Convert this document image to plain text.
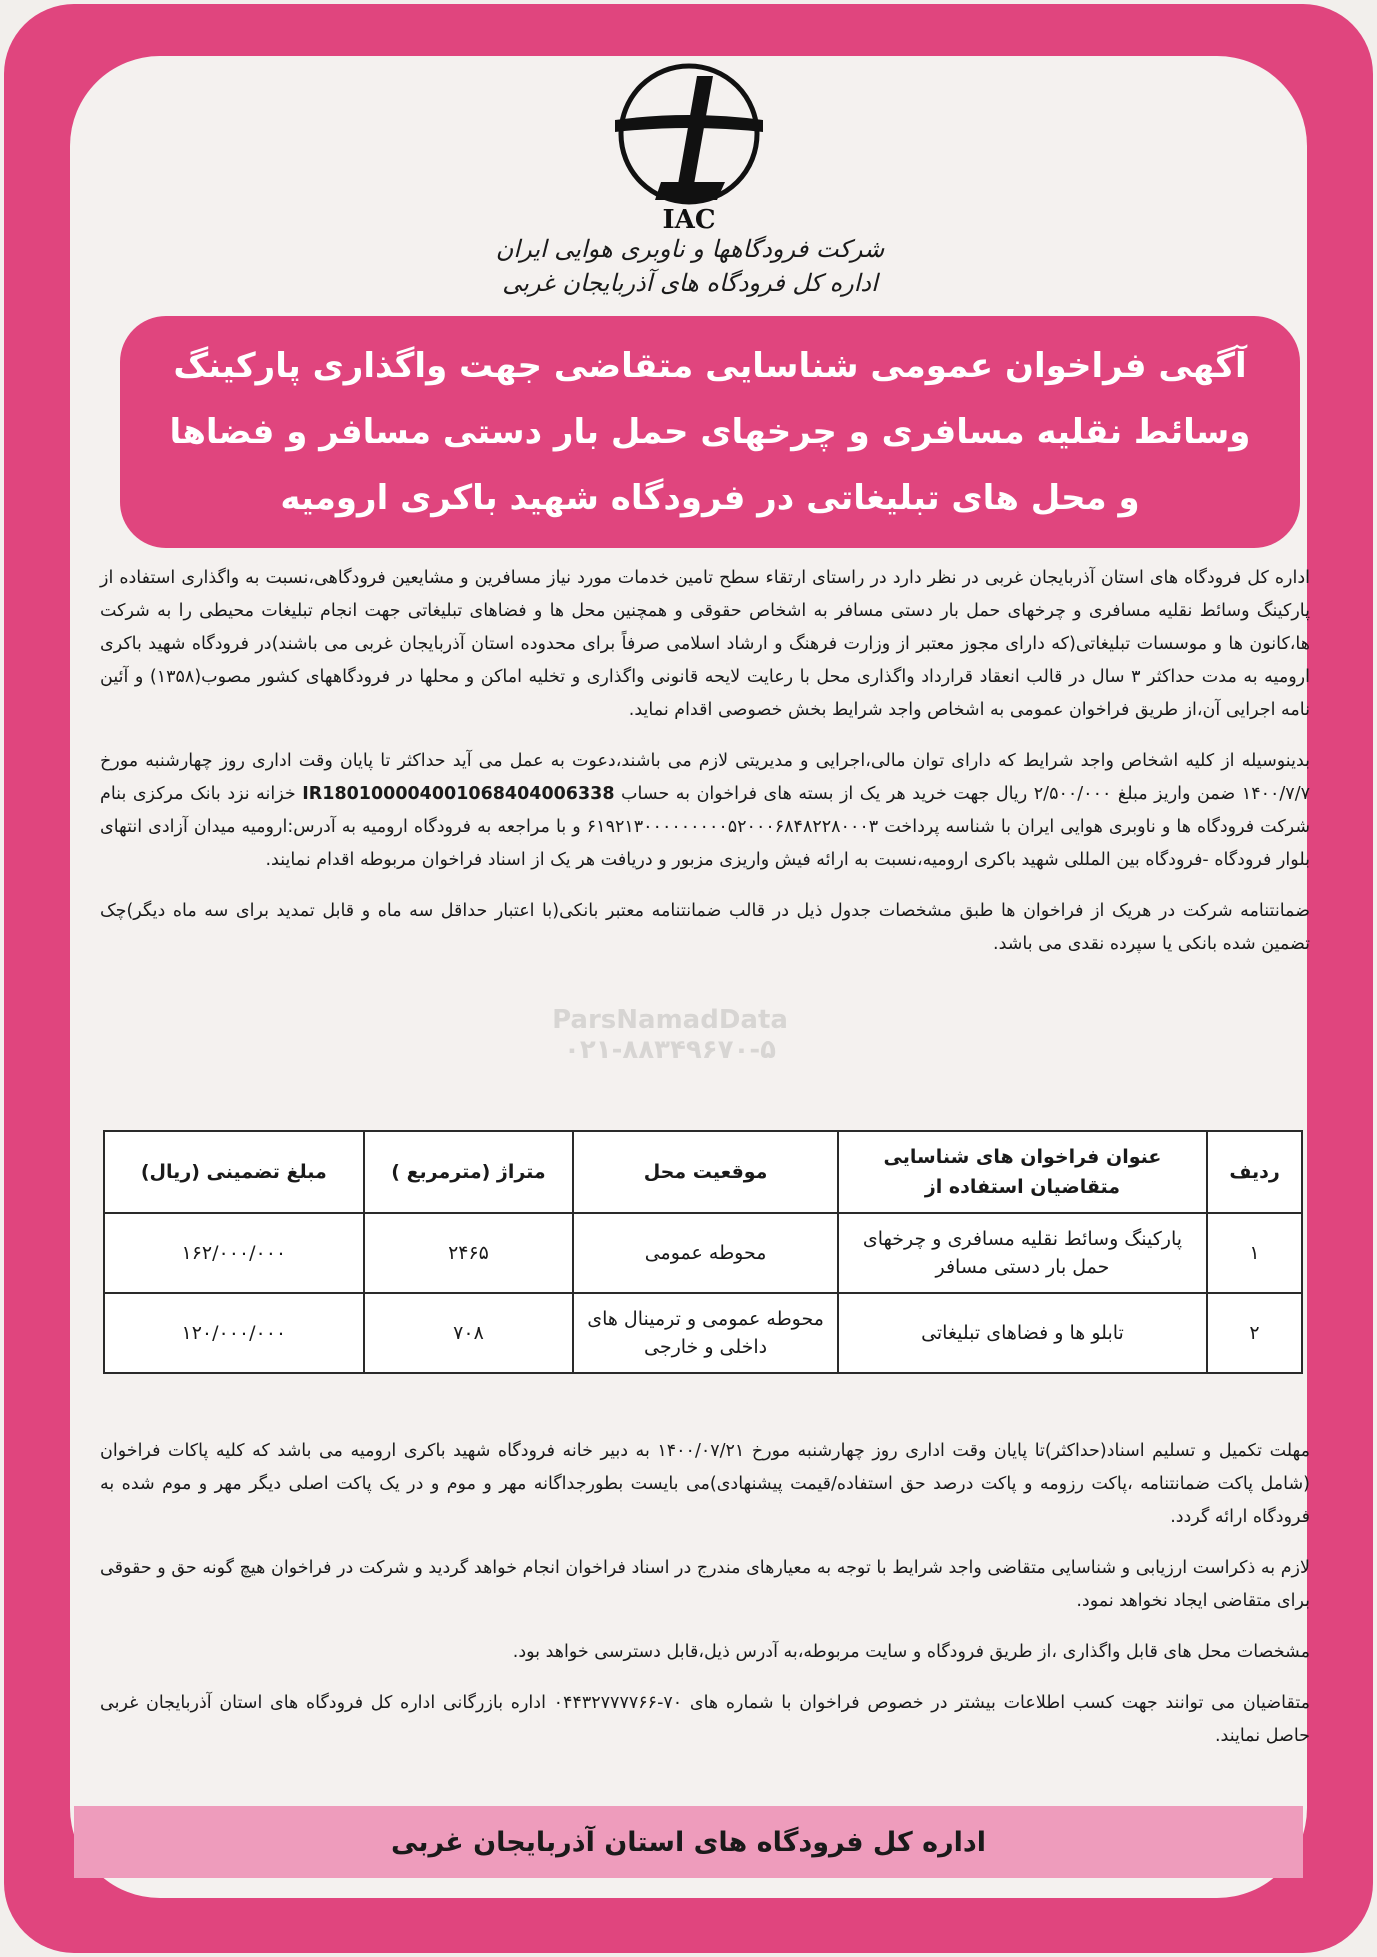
IAC
شرکت فرودگاهها و ناوبری هوایی ایران
اداره کل فرودگاه های آذربایجان غربی
آگهی فراخوان عمومی شناسایی متقاضی جهت واگذاری پارکینگ وسائط نقلیه مسافری و چرخهای حمل بار دستی مسافر و فضاها و محل های تبلیغاتی در فرودگاه شهید باکری ارومیه

اداره کل فرودگاه های استان آذربایجان غربی در نظر دارد در راستای ارتقاء سطح تامین خدمات مورد نیاز مسافرین و مشایعین فرودگاهی،نسبت به واگذاری استفاده از پارکینگ وسائط نقلیه مسافری و چرخهای حمل بار دستی مسافر به اشخاص حقوقی و همچنین محل ها و فضاهای تبلیغاتی جهت انجام تبلیغات محیطی را به شرکت ها،کانون ها و موسسات تبلیغاتی(که دارای مجوز معتبر از وزارت فرهنگ و ارشاد اسلامی صرفاً برای محدوده استان آذربایجان غربی می باشند)در فرودگاه شهید باکری ارومیه به مدت حداکثر ۳ سال در قالب انعقاد قرارداد واگذاری محل با رعایت لایحه قانونی واگذاری و تخلیه اماکن و محلها در فرودگاههای کشور مصوب(۱۳۵۸) و آئین نامه اجرایی آن،از طریق فراخوان عمومی به اشخاص واجد شرایط بخش خصوصی اقدام نماید.

بدینوسیله از کلیه اشخاص واجد شرایط که دارای توان مالی،اجرایی و مدیریتی لازم می باشند،دعوت به عمل می آید حداکثر تا پایان وقت اداری روز چهارشنبه مورخ ۱۴۰۰/۷/۷ ضمن واریز مبلغ ۲/۵۰۰/۰۰۰ ریال جهت خرید هر یک از بسته های فراخوان به حساب IR180100004001068404006338 خزانه نزد بانک مرکزی بنام شرکت فرودگاه ها و ناوبری هوایی ایران با شناسه پرداخت ۶۱۹۲۱۳۰۰۰۰۰۰۰۰۰۵۲۰۰۰۶۸۴۸۲۲۸۰۰۰۳ و با مراجعه به فرودگاه ارومیه به آدرس:ارومیه میدان آزادی انتهای بلوار فرودگاه -فرودگاه بین المللی شهید باکری ارومیه،نسبت به ارائه فیش واریزی مزبور و دریافت هر یک از اسناد فراخوان مربوطه اقدام نمایند.

ضمانتنامه شرکت در هریک از فراخوان ها طبق مشخصات جدول ذیل در قالب ضمانتنامه معتبر بانکی(با اعتبار حداقل سه ماه و قابل تمدید برای سه ماه دیگر)چک تضمین شده بانکی یا سپرده نقدی می باشد.

ردیف	عنوان فراخوان های شناسایی متقاضیان استفاده از	موقعیت محل	متراژ (مترمربع )	مبلغ تضمینی (ریال)
۱	پارکینگ وسائط نقلیه مسافری و چرخهای حمل بار دستی مسافر	محوطه عمومی	۲۴۶۵	۱۶۲/۰۰۰/۰۰۰
۲	تابلو ها و فضاهای تبلیغاتی	محوطه عمومی و ترمینال های داخلی و خارجی	۷۰۸	۱۲۰/۰۰۰/۰۰۰

مهلت تکمیل و تسلیم اسناد(حداکثر)تا پایان وقت اداری روز چهارشنبه مورخ ۱۴۰۰/۰۷/۲۱ به دبیر خانه فرودگاه شهید باکری ارومیه می باشد که کلیه پاکات فراخوان (شامل پاکت ضمانتنامه ،پاکت رزومه و پاکت درصد حق استفاده/قیمت پیشنهادی)می بایست بطورجداگانه مهر و موم و در یک پاکت اصلی دیگر مهر و موم شده به فرودگاه ارائه گردد.

لازم به ذکراست ارزیابی و شناسایی متقاضی واجد شرایط با توجه به معیارهای مندرج در اسناد فراخوان انجام خواهد گردید و شرکت در فراخوان هیچ گونه حق و حقوقی برای متقاضی ایجاد نخواهد نمود.

مشخصات محل های قابل واگذاری ،از طریق فرودگاه و سایت مربوطه،به آدرس ذیل،قابل دسترسی خواهد بود.

متقاضیان می توانند جهت کسب اطلاعات بیشتر در خصوص فراخوان با شماره های ۷۰-۰۴۴۳۲۷۷۷۷۶۶ اداره بازرگانی اداره کل فرودگاه های استان آذربایجان غربی حاصل نمایند.

ParsNamadData
۰۲۱-۸۸۳۴۹۶۷۰-۵
اداره کل فرودگاه های استان آذربایجان غربی
